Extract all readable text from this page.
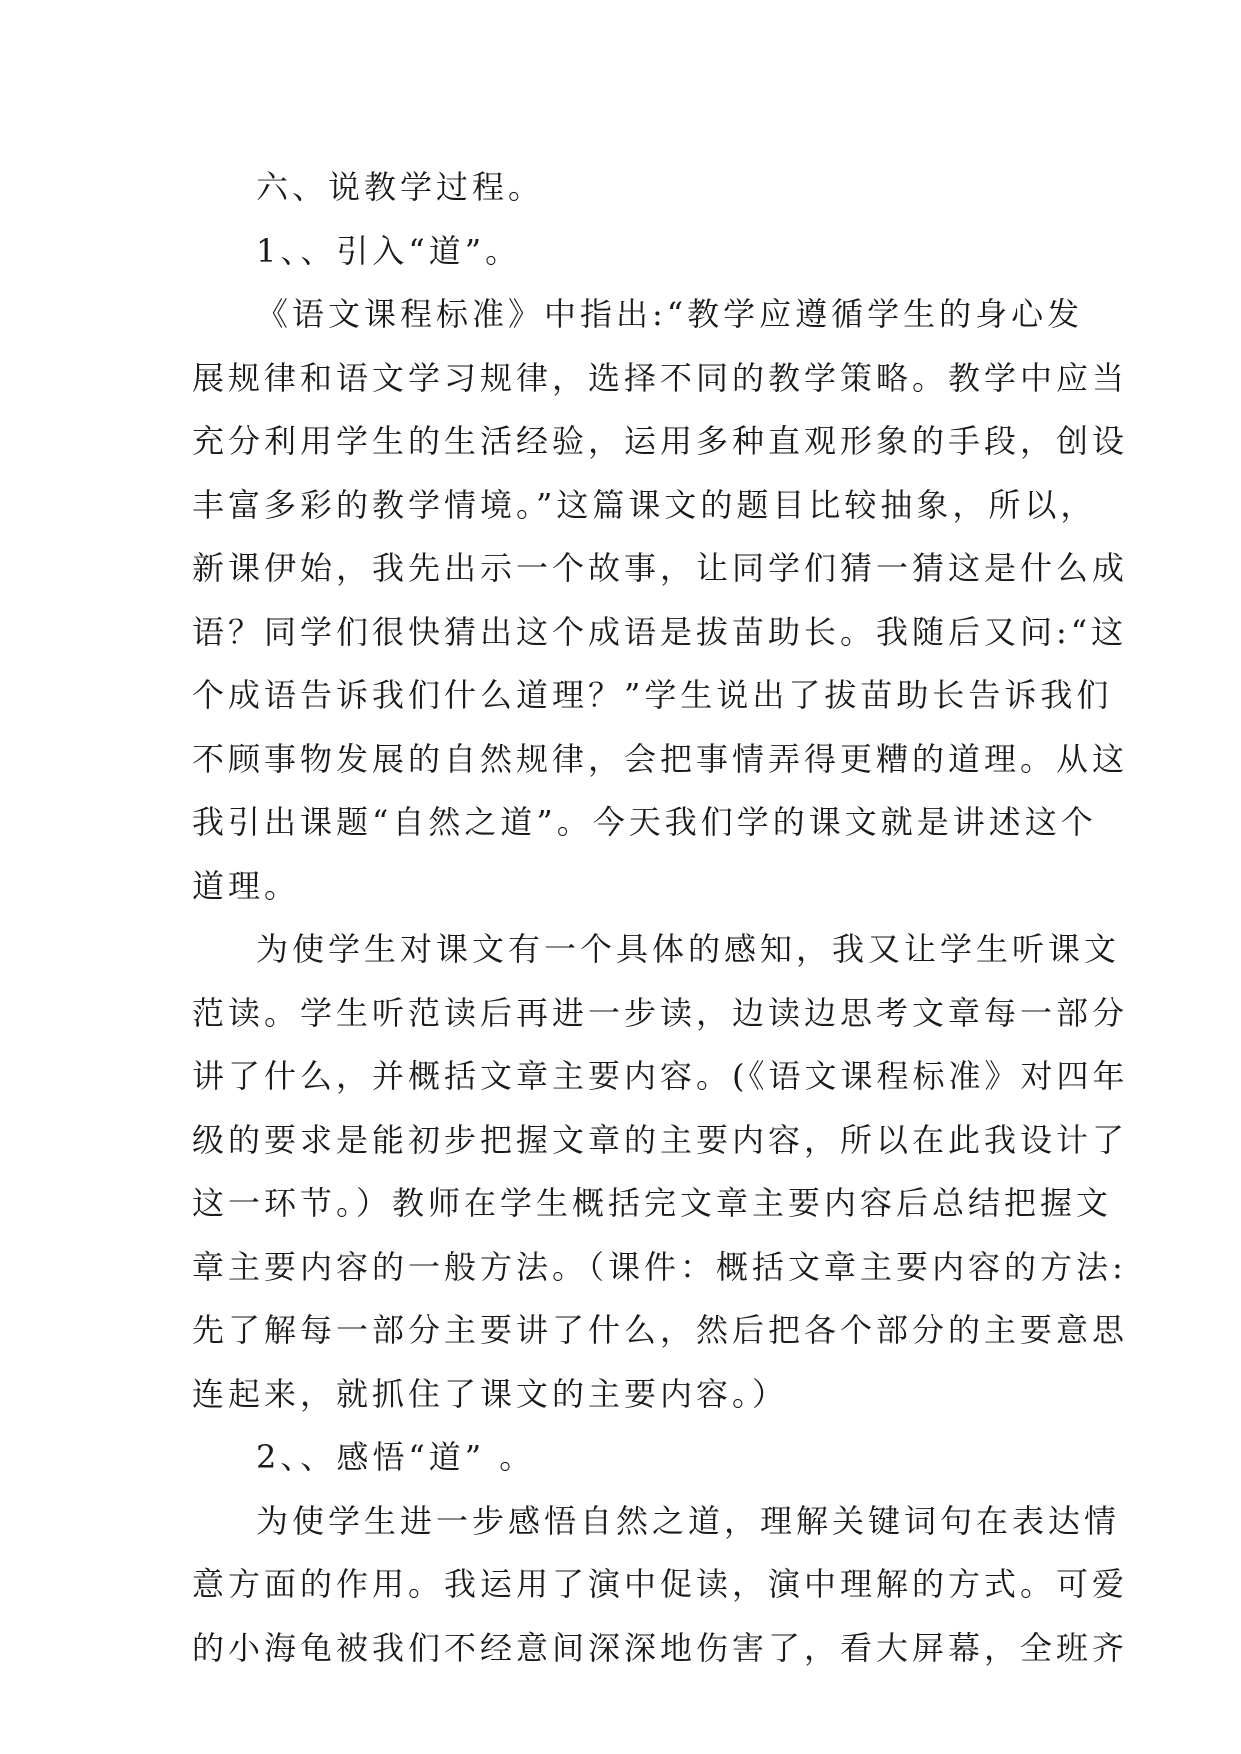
六、说教学过程。
1、、引入“道”。
《语文课程标准》中指出:“教学应遵循学生的身心发
展规律和语文学习规律，选择不同的教学策略。教学中应当
充分利用学生的生活经验，运用多种直观形象的手段，创设
丰富多彩的教学情境。”这篇课文的题目比较抽象，所以，
新课伊始，我先出示一个故事，让同学们猜一猜这是什么成
语？同学们很快猜出这个成语是拔苗助长。我随后又问:“这
个成语告诉我们什么道理？”学生说出了拔苗助长告诉我们
不顾事物发展的自然规律，会把事情弄得更糟的道理。从这
我引出课题“自然之道”。今天我们学的课文就是讲述这个
道理。
为使学生对课文有一个具体的感知，我又让学生听课文
范读。学生听范读后再进一步读，边读边思考文章每一部分
讲了什么，并概括文章主要内容。(《语文课程标准》对四年
级的要求是能初步把握文章的主要内容，所以在此我设计了
这一环节。）教师在学生概括完文章主要内容后总结把握文
章主要内容的一般方法。（课件：概括文章主要内容的方法:
先了解每一部分主要讲了什么，然后把各个部分的主要意思
连起来，就抓住了课文的主要内容。）
2、、感悟“道” 。
为使学生进一步感悟自然之道，理解关键词句在表达情
意方面的作用。我运用了演中促读，演中理解的方式。可爱
的小海龟被我们不经意间深深地伤害了，看大屏幕，全班齐
